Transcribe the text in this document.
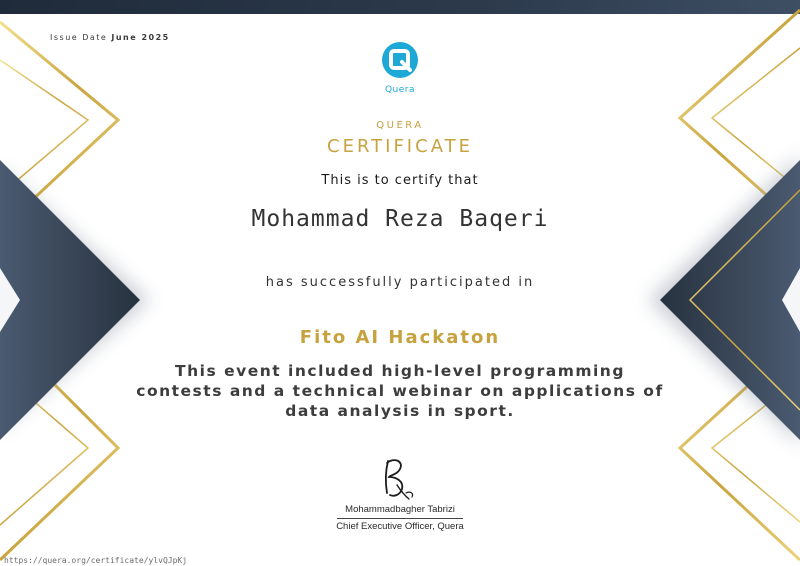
Issue Date June 2025
Quera
QUERA
CERTIFICATE
This is to certify that
Mohammad Reza Baqeri
has successfully participated in
Fito AI Hackaton
This event included high-level programming contests and a technical webinar on applications of data analysis in sport.
Mohammadbagher Tabrizi
Chief Executive Officer, Quera
https://quera.org/certificate/ylvQJpKj
